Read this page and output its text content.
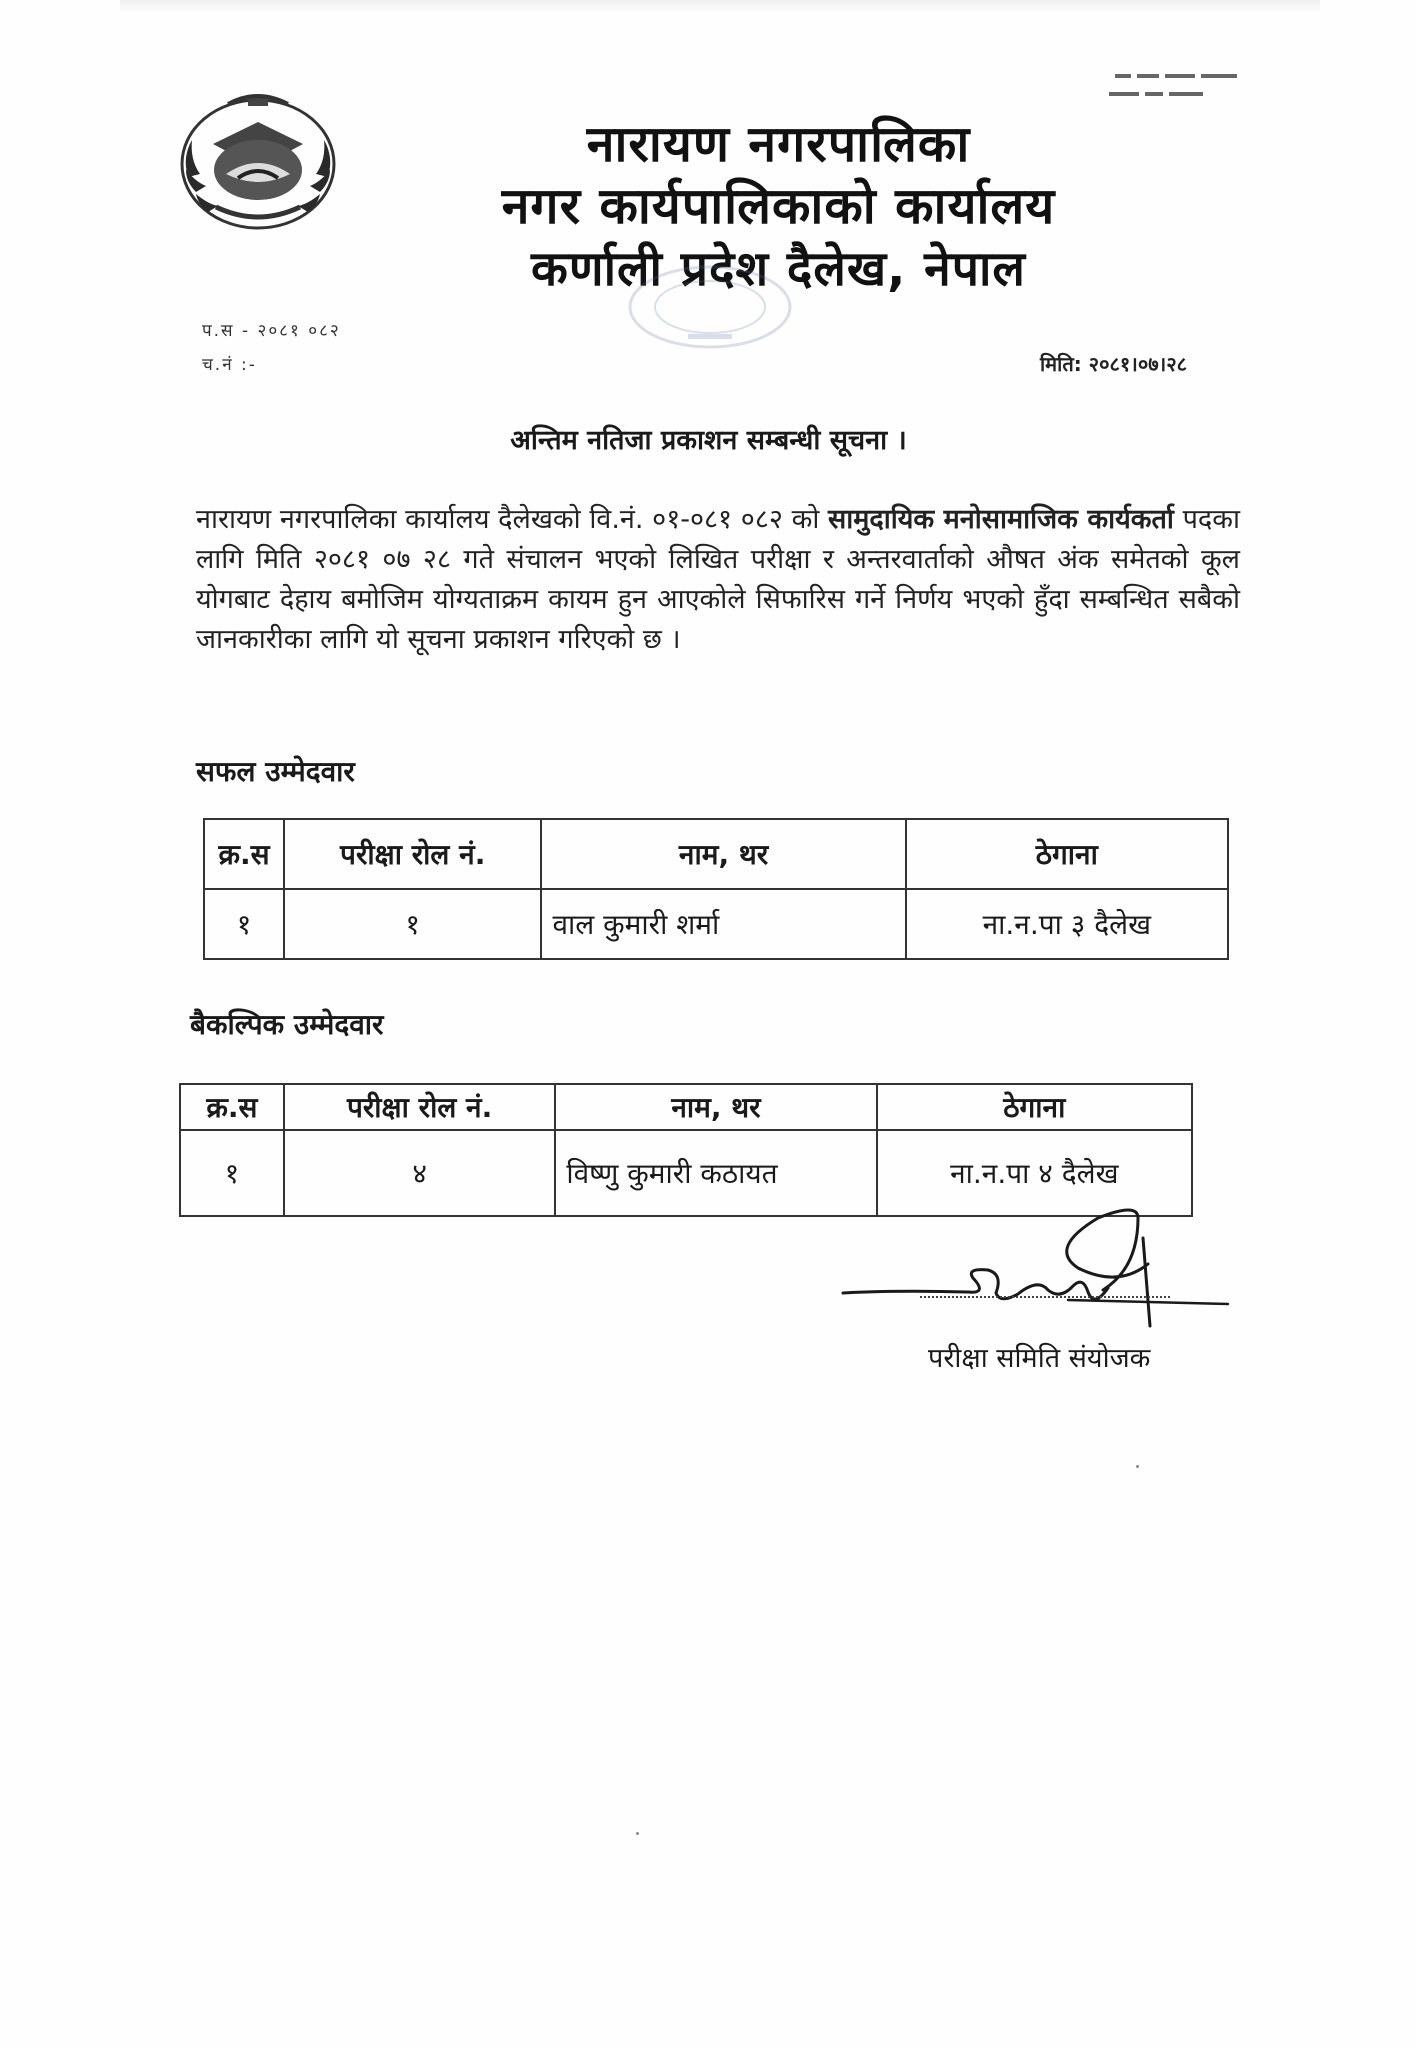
नारायण नगरपालिका
नगर कार्यपालिकाको कार्यालय
कर्णाली प्रदेश दैलेख, नेपाल
प.स - २०८१ ०८२
च.नं :-	मिति: २०८१।०७।२८
अन्तिम नतिजा प्रकाशन सम्बन्धी सूचना ।
नारायण नगरपालिका कार्यालय दैलेखको वि.नं. ०१-०८१ ०८२ को सामुदायिक मनोसामाजिक कार्यकर्ता पदका लागि मिति २०८१ ०७ २८ गते संचालन भएको लिखित परीक्षा र अन्तरवार्ताको औषत अंक समेतको कूल योगबाट देहाय बमोजिम योग्यताक्रम कायम हुन आएकोले सिफारिस गर्ने निर्णय भएको हुँदा सम्बन्धित सबैको जानकारीका लागि यो सूचना प्रकाशन गरिएको छ ।
सफल उम्मेदवार
क्र.स	परीक्षा रोल नं.	नाम, थर	ठेगाना
१	१	वाल कुमारी शर्मा	ना.न.पा ३ दैलेख
बैकल्पिक उम्मेदवार
क्र.स	परीक्षा रोल नं.	नाम, थर	ठेगाना
१	४	विष्णु कुमारी कठायत	ना.न.पा ४ दैलेख
परीक्षा समिति संयोजक
